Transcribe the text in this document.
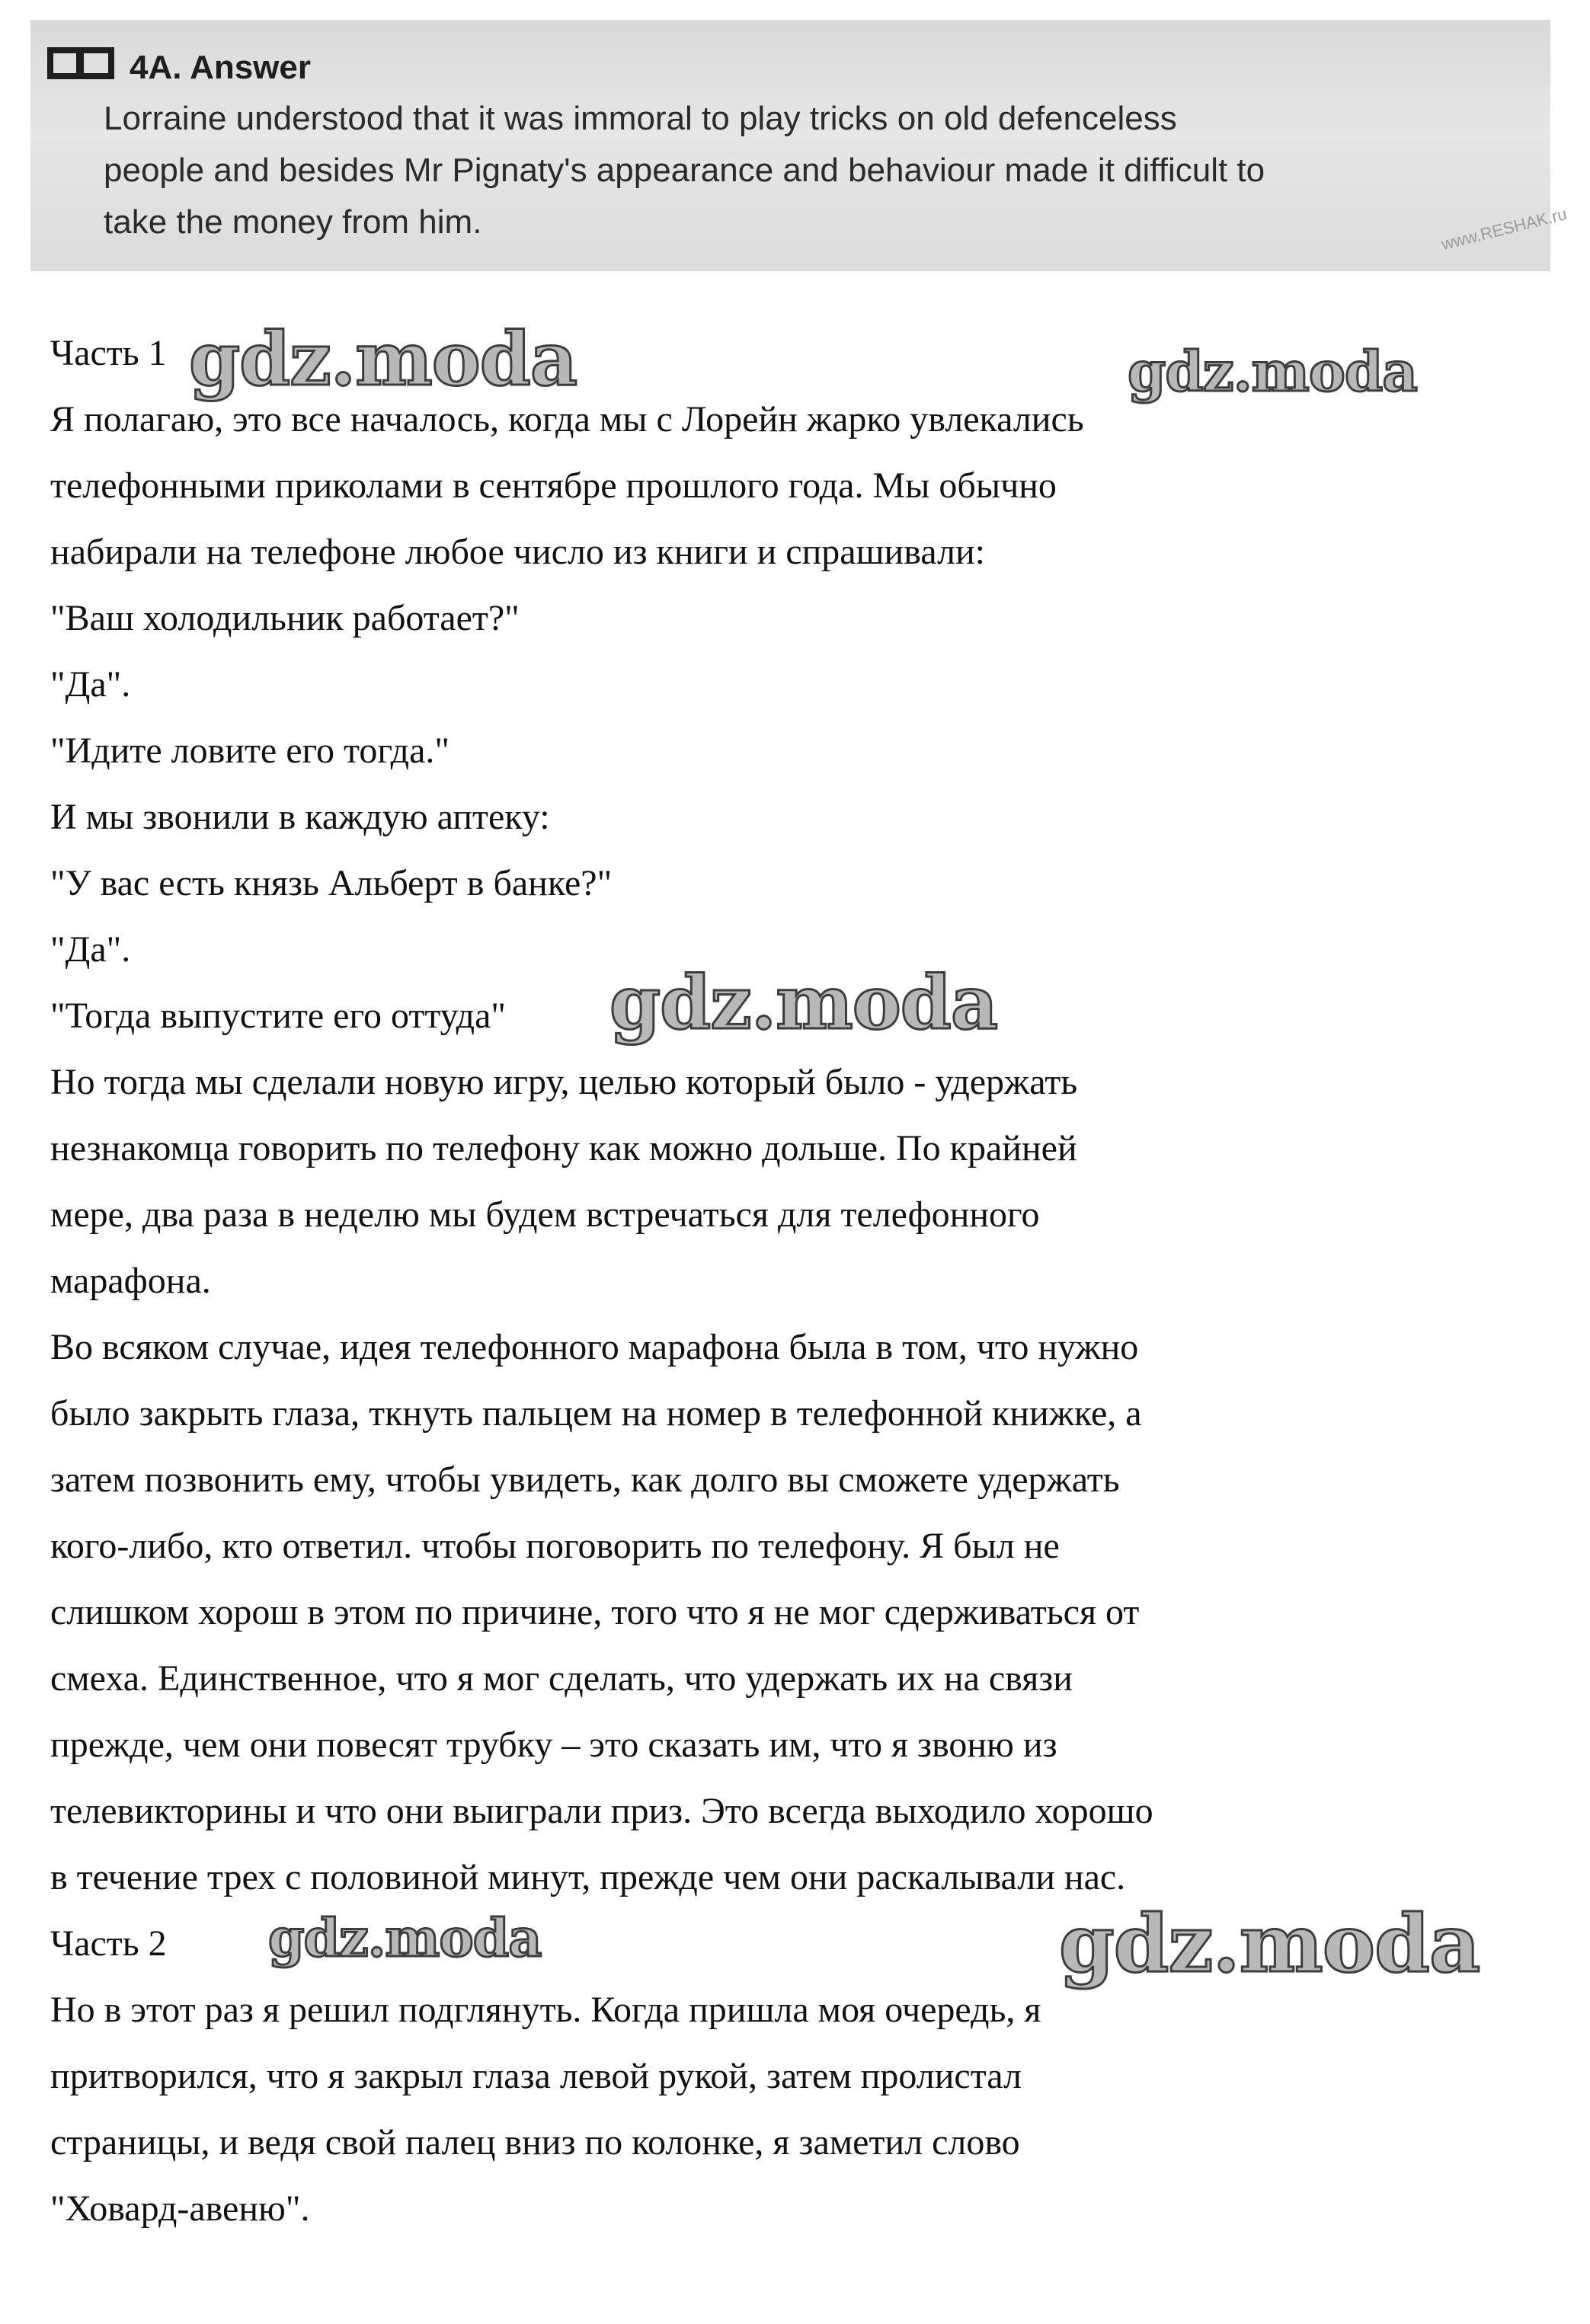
4A. Answer
Lorraine understood that it was immoral to play tricks on old defenceless
people and besides Mr Pignaty's appearance and behaviour made it difficult to
take the money from him.	www.RESHAK.ru
Часть 1
Я полагаю, это все началось, когда мы с Лорейн жарко увлекались
телефонными приколами в сентябре прошлого года. Мы обычно
набирали на телефоне любое число из книги и спрашивали:
"Ваш холодильник работает?"
"Да".
"Идите ловите его тогда."
И мы звонили в каждую аптеку:
"У вас есть князь Альберт в банке?"
"Да".
"Тогда выпустите его оттуда"
Но тогда мы сделали новую игру, целью который было - удержать
незнакомца говорить по телефону как можно дольше. По крайней
мере, два раза в неделю мы будем встречаться для телефонного
марафона.
Во всяком случае, идея телефонного марафона была в том, что нужно
было закрыть глаза, ткнуть пальцем на номер в телефонной книжке, а
затем позвонить ему, чтобы увидеть, как долго вы сможете удержать
кого-либо, кто ответил. чтобы поговорить по телефону. Я был не
слишком хорош в этом по причине, того что я не мог сдерживаться от
смеха. Единственное, что я мог сделать, что удержать их на связи
прежде, чем они повесят трубку – это сказать им, что я звоню из
телевикторины и что они выиграли приз. Это всегда выходило хорошо
в течение трех с половиной минут, прежде чем они раскалывали нас.
Часть 2
Но в этот раз я решил подглянуть. Когда пришла моя очередь, я
притворился, что я закрыл глаза левой рукой, затем пролистал
страницы, и ведя свой палец вниз по колонке, я заметил слово
"Ховард-авеню".
gdz.moda	gdz.moda
gdz.moda
gdz.moda	gdz.moda
